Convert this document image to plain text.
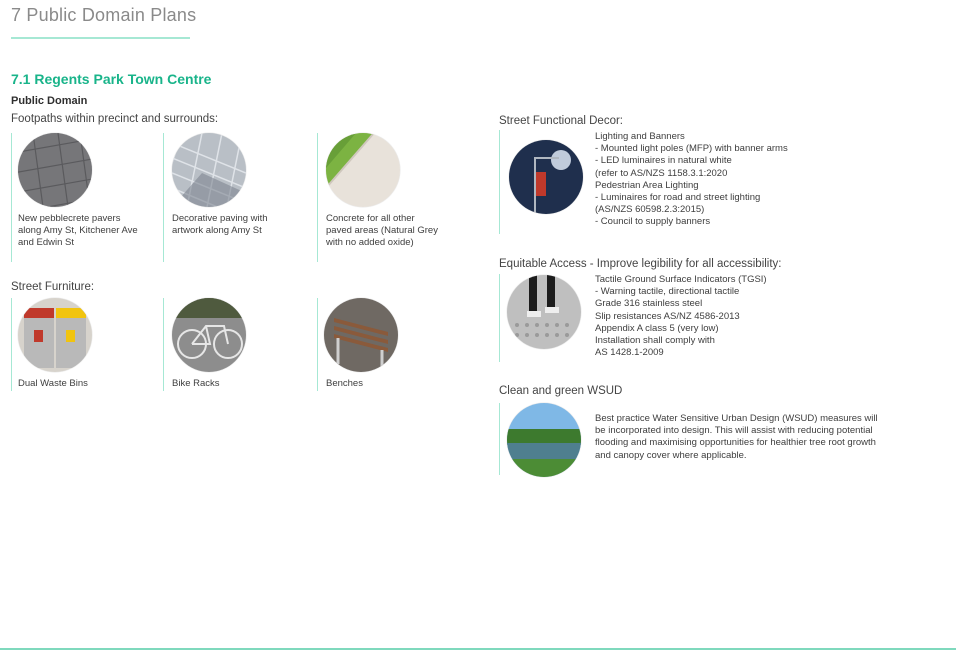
7 Public Domain Plans
7.1 Regents Park Town Centre
Public Domain
Footpaths within precinct and surrounds:
New pebblecrete pavers
along Amy St, Kitchener Ave
and Edwin St
Decorative paving with
artwork along Amy St
Concrete for all other
paved areas (Natural Grey
with no added oxide)
Street Furniture:
Dual Waste Bins	Bike Racks	Benches
Street Functional Decor:
Lighting and Banners
- Mounted light poles (MFP) with banner arms
- LED luminaires in natural white
(refer to AS/NZS 1158.3.1:2020
Pedestrian Area Lighting
- Luminaires for road and street lighting
(AS/NZS 60598.2.3:2015)
- Council to supply banners
Equitable Access - Improve legibility for all accessibility:
Tactile Ground Surface Indicators (TGSI)
- Warning tactile, directional tactile
Grade 316 stainless steel
Slip resistances AS/NZ 4586-2013
Appendix A class 5 (very low)
Installation shall comply with
AS 1428.1-2009
Clean and green WSUD
Best practice Water Sensitive Urban Design (WSUD) measures will
be incorporated into design. This will assist with reducing potential
flooding and maximising opportunities for healthier tree root growth
and canopy cover where applicable.
